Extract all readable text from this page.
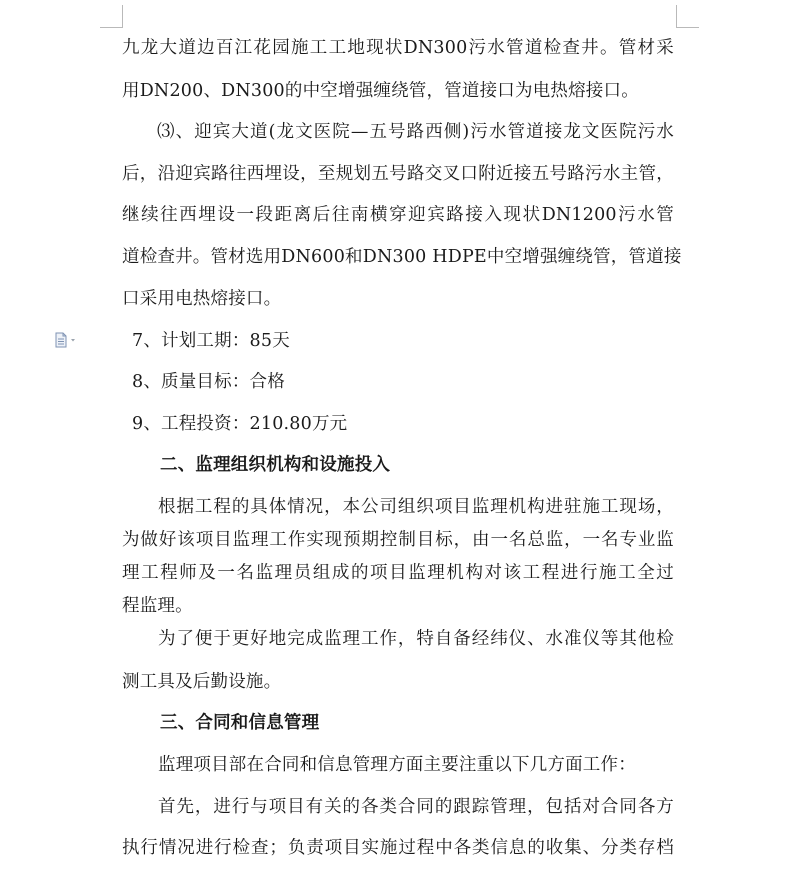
九龙大道边百江花园施工工地现状DN300污水管道检查井。管材采
用DN200、DN300的中空增强缠绕管，管道接口为电热熔接口。
⑶、迎宾大道(龙文医院—五号路西侧)污水管道接龙文医院污水
后，沿迎宾路往西埋设，至规划五号路交叉口附近接五号路污水主管，
继续往西埋设一段距离后往南横穿迎宾路接入现状DN1200污水管
道检查井。管材选用DN600和DN300 HDPE中空增强缠绕管，管道接
口采用电热熔接口。
7、计划工期：85天
8、质量目标：合格
9、工程投资：210.80万元
二、监理组织机构和设施投入
根据工程的具体情况，本公司组织项目监理机构进驻施工现场，
为做好该项目监理工作实现预期控制目标，由一名总监，一名专业监
理工程师及一名监理员组成的项目监理机构对该工程进行施工全过
程监理。
为了便于更好地完成监理工作，特自备经纬仪、水准仪等其他检
测工具及后勤设施。
三、合同和信息管理
监理项目部在合同和信息管理方面主要注重以下几方面工作：
首先，进行与项目有关的各类合同的跟踪管理，包括对合同各方
执行情况进行检查；负责项目实施过程中各类信息的收集、分类存档
